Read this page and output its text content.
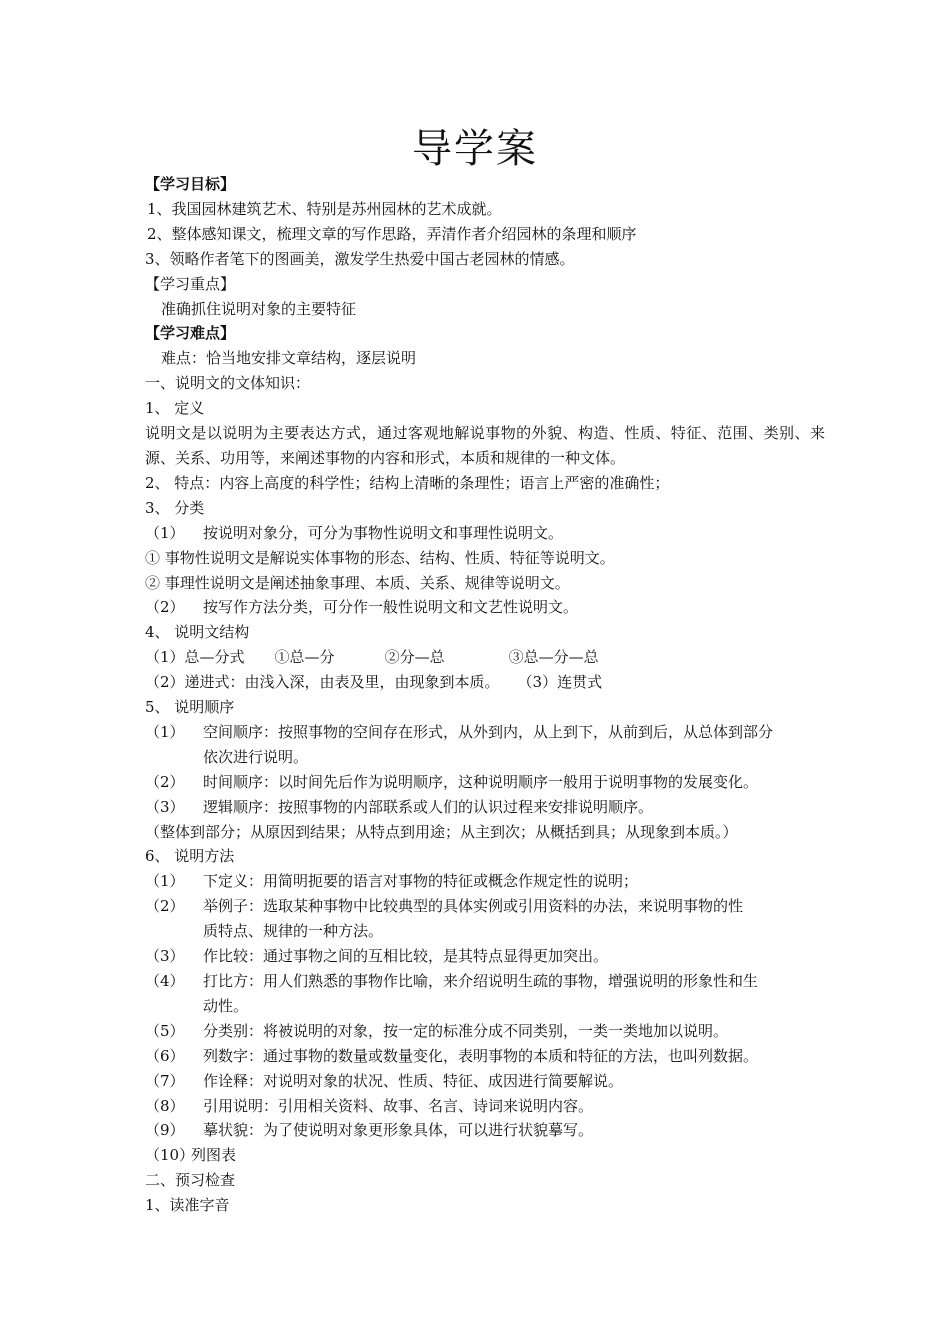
导学案
【学习目标】
1、我国园林建筑艺术、特别是苏州园林的艺术成就。
2、整体感知课文，梳理文章的写作思路，弄清作者介绍园林的条理和顺序
3、领略作者笔下的图画美，激发学生热爱中国古老园林的情感。
【学习重点】
准确抓住说明对象的主要特征
【学习难点】
难点：恰当地安排文章结构，逐层说明
一、说明文的文体知识：
1、 定义
说明文是以说明为主要表达方式，通过客观地解说事物的外貌、构造、性质、特征、范围、类别、来源、关系、功用等，来阐述事物的内容和形式，本质和规律的一种文体。
2、 特点：内容上高度的科学性；结构上清晰的条理性；语言上严密的准确性；
3、 分类
（1） 按说明对象分，可分为事物性说明文和事理性说明文。
① 事物性说明文是解说实体事物的形态、结构、性质、特征等说明文。
② 事理性说明文是阐述抽象事理、本质、关系、规律等说明文。
（2） 按写作方法分类，可分作一般性说明文和文艺性说明文。
4、 说明文结构
（1）总—分式 ①总—分	②分—总	③总—分—总
（2）递进式：由浅入深，由表及里，由现象到本质。 （3）连贯式
5、 说明顺序
（1） 空间顺序：按照事物的空间存在形式，从外到内，从上到下，从前到后，从总体到部分
依次进行说明。
（2） 时间顺序：以时间先后作为说明顺序，这种说明顺序一般用于说明事物的发展变化。
（3） 逻辑顺序：按照事物的内部联系或人们的认识过程来安排说明顺序。
（整体到部分；从原因到结果；从特点到用途；从主到次；从概括到具；从现象到本质。）
6、 说明方法
（1） 下定义：用简明扼要的语言对事物的特征或概念作规定性的说明；
（2） 举例子：选取某种事物中比较典型的具体实例或引用资料的办法，来说明事物的性
质特点、规律的一种方法。
（3） 作比较：通过事物之间的互相比较，是其特点显得更加突出。
（4） 打比方：用人们熟悉的事物作比喻，来介绍说明生疏的事物，增强说明的形象性和生
动性。
（5） 分类别：将被说明的对象，按一定的标准分成不同类别，一类一类地加以说明。
（6） 列数字：通过事物的数量或数量变化，表明事物的本质和特征的方法，也叫列数据。
（7） 作诠释：对说明对象的状况、性质、特征、成因进行简要解说。
（8） 引用说明：引用相关资料、故事、名言、诗词来说明内容。
（9） 摹状貌：为了使说明对象更形象具体，可以进行状貌摹写。
（10）列图表
二、预习检查
1、读准字音
